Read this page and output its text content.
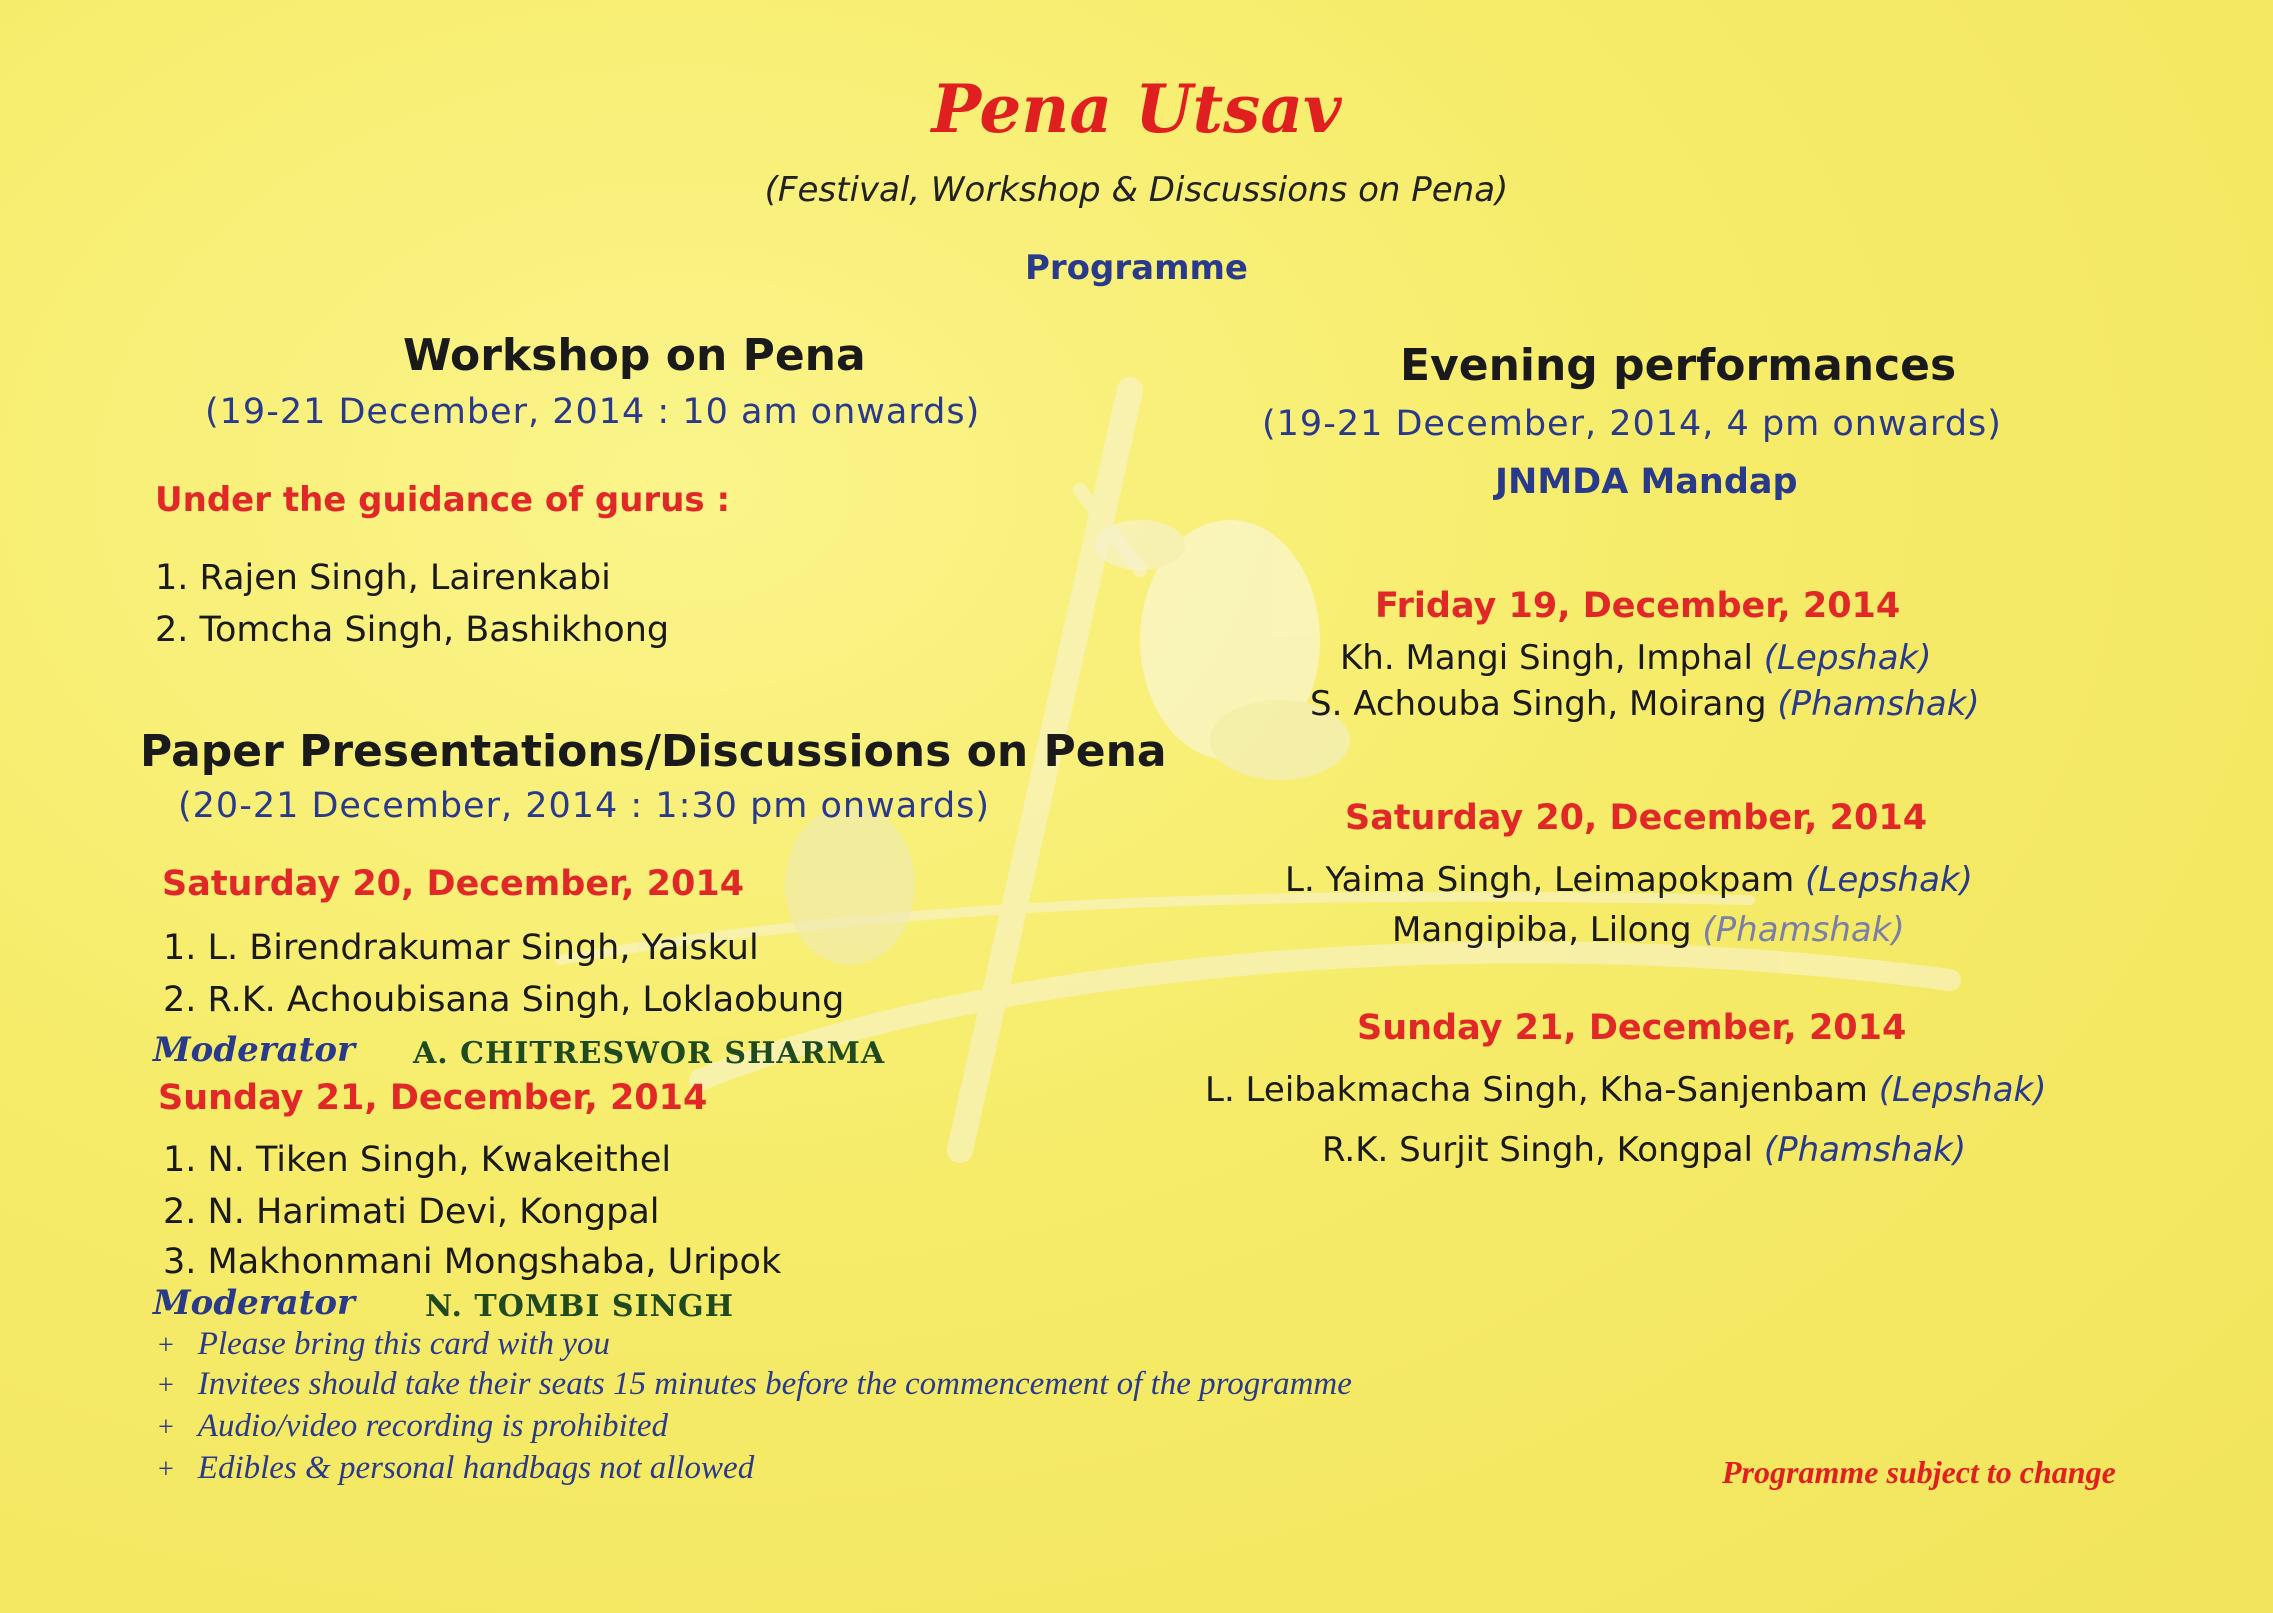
Pena Utsav
(Festival, Workshop & Discussions on Pena)
Programme
Workshop on Pena
(19-21 December, 2014 : 10 am onwards)
Under the guidance of gurus :
1. Rajen Singh, Lairenkabi
2. Tomcha Singh, Bashikhong
Paper Presentations/Discussions on Pena
(20-21 December, 2014 : 1:30 pm onwards)
Saturday 20, December, 2014
1. L. Birendrakumar Singh, Yaiskul
2. R.K. Achoubisana Singh, Loklaobung
Moderator A. CHITRESWOR SHARMA
Sunday 21, December, 2014
1. N. Tiken Singh, Kwakeithel
2. N. Harimati Devi, Kongpal
3. Makhonmani Mongshaba, Uripok
Moderator N. TOMBI SINGH
Evening performances
(19-21 December, 2014, 4 pm onwards)
JNMDA Mandap
Friday 19, December, 2014
Kh. Mangi Singh, Imphal (Lepshak)
S. Achouba Singh, Moirang (Phamshak)
Saturday 20, December, 2014
L. Yaima Singh, Leimapokpam (Lepshak)
Mangipiba, Lilong (Phamshak)
Sunday 21, December, 2014
L. Leibakmacha Singh, Kha-Sanjenbam (Lepshak)
R.K. Surjit Singh, Kongpal (Phamshak)
+ Please bring this card with you
+ Invitees should take their seats 15 minutes before the commencement of the programme
+ Audio/video recording is prohibited
+ Edibles & personal handbags not allowed	Programme subject to change
